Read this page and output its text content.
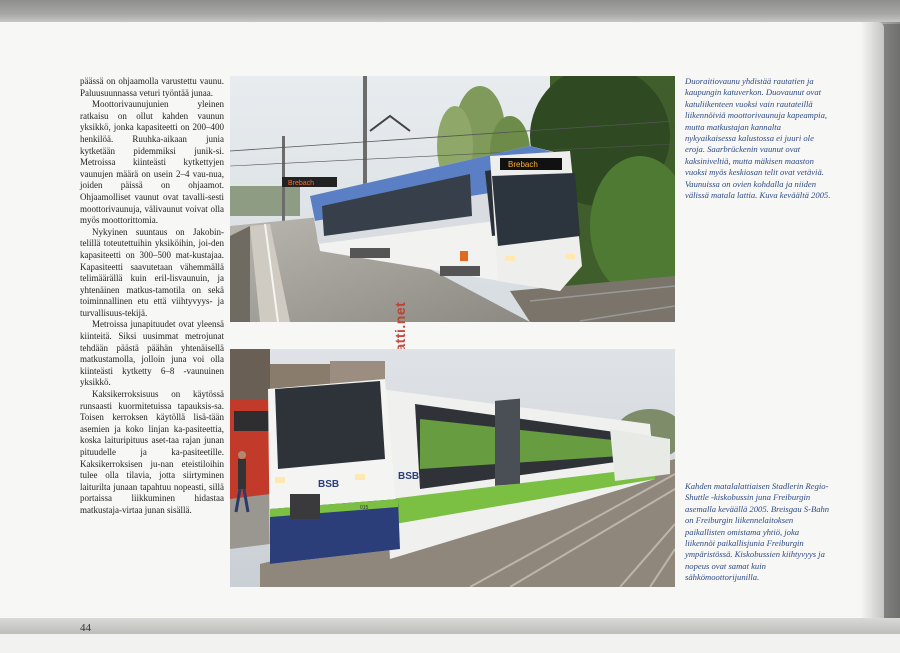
päässä on ohjaamolla varustettu vaunu. Paluusuunnassa veturi työntää junaa.

Moottorivaunujunien yleinen ratkaisu on ollut kahden vaunun yksikkö, jonka kapasiteetti on 200–400 henkilöä. Ruuhka-aikaan junia kytketään pidemmiksi junik-si. Metroissa kiinteästi kytkettyjen vaunujen määrä on usein 2–4 vau-nua, joiden päissä on ohjaamot. Ohjaamolliset vaunut ovat tavalli-sesti moottorivaunuja, välivaunut voivat olla myös moottorittomia.

Nykyinen suuntaus on Jakobin-telillä toteutettuihin yksiköihin, joi-den kapasiteetti on 300–500 mat-kustajaa. Kapasiteetti saavutetaan vähemmällä telimäärällä kuin eril-lisvaunuin, ja yhtenäinen matkus-tamotila on sekä toiminnallinen etu että viihtyvyys- ja turvallisuus-tekijä.

Metroissa junapituudet ovat yleensä kiinteitä. Siksi uusimmat metrojunat tehdään päästä päähän yhtenäisellä matkustamolla, jolloin juna voi olla kiinteästi kytketty 6–8 -vaunuinen yksikkö.

Kaksikerroksisuus on käytössä runsaasti kuormitetuissa tapauksis-sa. Toisen kerroksen käytöllä lisä-tään asemien ja koko linjan ka-pasiteettia, koska laituripituus aset-taa rajan junan pituudelle ja ka-pasiteetille. Kaksikerroksisen ju-nan eteistiloihin tulee olla tilavia, jotta siirtyminen laiturilta junaan tapahtuu nopeasti, sillä portaissa liikkuminen hidastaa matkustaja-virtaa junan sisällä.

Brebach
Brebach
Duoraitiovaunu yhdistää rautatien ja kaupungin katuverkon. Duovaunut ovat katuliikenteen vuoksi vain rautateillä liikennöiviä moottorivaunuja kapeampia, mutta matkustajan kannalta nykyaikaisessa kalustossa ei juuri ole eroja. Saarbrückenin vaunut ovat kaksiniveltiä, mutta mäkisen maaston vuoksi myös keskiosan telit ovat vetäviä. Vaunuissa on ovien kohdalla ja niiden välissä matala lattia. Kuva keväältä 2005.
BSB
BSB
015
Kahden matalalattiaisen Stadlerin Regio-Shuttle -kiskobussin juna Freiburgin asemalla keväällä 2005. Breisgau S-Bahn on Freiburgin liikennelaitoksen paikallisten omistama yhtiö, joka liikennöi paikallisjunia Freiburgin ympäristössä. Kiskobussien kiihtyvyys ja nopeus ovat samat kuin sähkömoottorijunilla.
44
